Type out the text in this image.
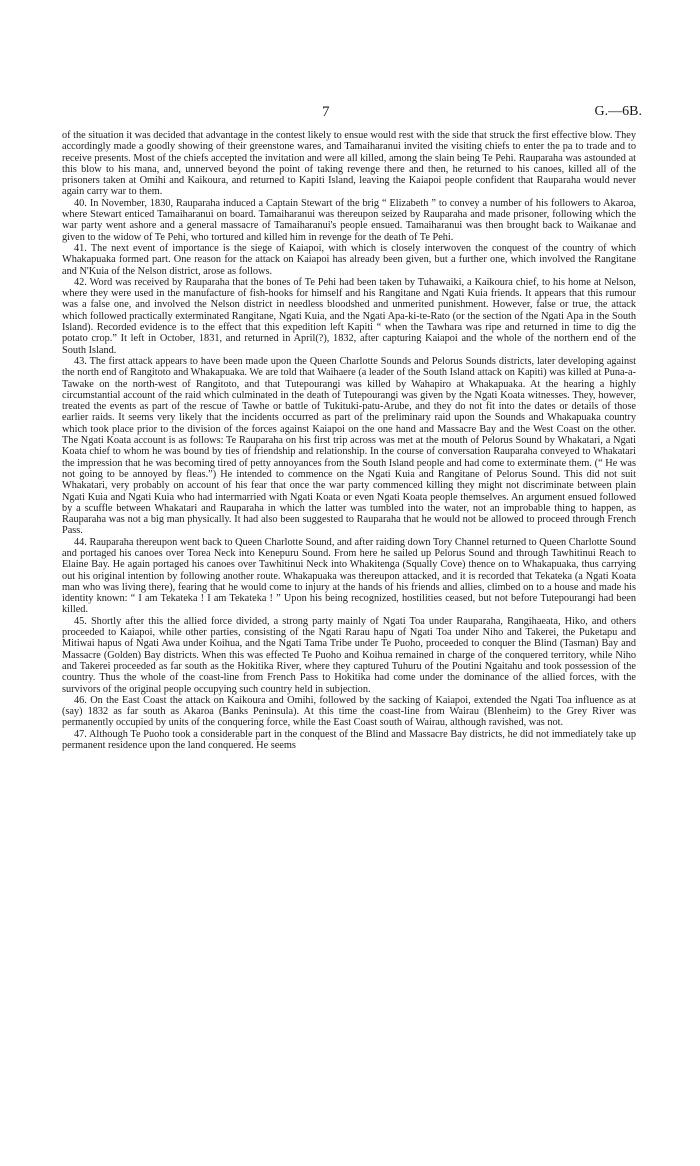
7	G.—6B.

of the situation it was decided that advantage in the contest likely to ensue would rest with the side that struck the first effective blow. They accordingly made a goodly showing of their greenstone wares, and Tamaiharanui invited the visiting chiefs to enter the pa to trade and to receive presents. Most of the chiefs accepted the invitation and were all killed, among the slain being Te Pehi. Rauparaha was astounded at this blow to his mana, and, unnerved beyond the point of taking revenge there and then, he returned to his canoes, killed all of the prisoners taken at Omihi and Kaikoura, and returned to Kapiti Island, leaving the Kaiapoi people confident that Rauparaha would never again carry war to them.

40. In November, 1830, Rauparaha induced a Captain Stewart of the brig “ Elizabeth ” to convey a number of his followers to Akaroa, where Stewart enticed Tamaiharanui on board. Tamaiharanui was thereupon seized by Rauparaha and made prisoner, following which the war party went ashore and a general massacre of Tamaiharanui's people ensued. Tamaiharanui was then brought back to Waikanae and given to the widow of Te Pehi, who tortured and killed him in revenge for the death of Te Pehi.

41. The next event of importance is the siege of Kaiapoi, with which is closely interwoven the conquest of the country of which Whakapuaka formed part. One reason for the attack on Kaiapoi has already been given, but a further one, which involved the Rangitane and N'Kuia of the Nelson district, arose as follows.

42. Word was received by Rauparaha that the bones of Te Pehi had been taken by Tuhawaiki, a Kaikoura chief, to his home at Nelson, where they were used in the manufacture of fish-hooks for himself and his Rangitane and Ngati Kuia friends. It appears that this rumour was a false one, and involved the Nelson district in needless bloodshed and unmerited punishment. However, false or true, the attack which followed practically exterminated Rangitane, Ngati Kuia, and the Ngati Apa-ki-te-Rato (or the section of the Ngati Apa in the South Island). Recorded evidence is to the effect that this expedition left Kapiti “ when the Tawhara was ripe and returned in time to dig the potato crop.” It left in October, 1831, and returned in April(?), 1832, after capturing Kaiapoi and the whole of the northern end of the South Island.

43. The first attack appears to have been made upon the Queen Charlotte Sounds and Pelorus Sounds districts, later developing against the north end of Rangitoto and Whakapuaka. We are told that Waihaere (a leader of the South Island attack on Kapiti) was killed at Puna-a-Tawake on the north-west of Rangitoto, and that Tutepourangi was killed by Wahapiro at Whakapuaka. At the hearing a highly circumstantial account of the raid which culminated in the death of Tutepourangi was given by the Ngati Koata witnesses. They, however, treated the events as part of the rescue of Tawhe or battle of Tukituki-patu-Arube, and they do not fit into the dates or details of those earlier raids. It seems very likely that the incidents occurred as part of the preliminary raid upon the Sounds and Whakapuaka country which took place prior to the division of the forces against Kaiapoi on the one hand and Massacre Bay and the West Coast on the other. The Ngati Koata account is as follows: Te Rauparaha on his first trip across was met at the mouth of Pelorus Sound by Whakatari, a Ngati Koata chief to whom he was bound by ties of friendship and relationship. In the course of conversation Rauparaha conveyed to Whakatari the impression that he was becoming tired of petty annoyances from the South Island people and had come to exterminate them. (“ He was not going to be annoyed by fleas.”) He intended to commence on the Ngati Kuia and Rangitane of Pelorus Sound. This did not suit Whakatari, very probably on account of his fear that once the war party commenced killing they might not discriminate between plain Ngati Kuia and Ngati Kuia who had intermarried with Ngati Koata or even Ngati Koata people themselves. An argument ensued followed by a scuffle between Whakatari and Rauparaha in which the latter was tumbled into the water, not an improbable thing to happen, as Rauparaha was not a big man physically. It had also been suggested to Rauparaha that he would not be allowed to proceed through French Pass.

44. Rauparaha thereupon went back to Queen Charlotte Sound, and after raiding down Tory Channel returned to Queen Charlotte Sound and portaged his canoes over Torea Neck into Kenepuru Sound. From here he sailed up Pelorus Sound and through Tawhitinui Reach to Elaine Bay. He again portaged his canoes over Tawhitinui Neck into Whakitenga (Squally Cove) thence on to Whakapuaka, thus carrying out his original intention by following another route. Whakapuaka was thereupon attacked, and it is recorded that Tekateka (a Ngati Koata man who was living there), fearing that he would come to injury at the hands of his friends and allies, climbed on to a house and made his identity known: “ I am Tekateka ! I am Tekateka ! ” Upon his being recognized, hostilities ceased, but not before Tutepourangi had been killed.

45. Shortly after this the allied force divided, a strong party mainly of Ngati Toa under Rauparaha, Rangihaeata, Hiko, and others proceeded to Kaiapoi, while other parties, consisting of the Ngati Rarau hapu of Ngati Toa under Niho and Takerei, the Puketapu and Mitiwai hapus of Ngati Awa under Koihua, and the Ngati Tama Tribe under Te Puoho, proceeded to conquer the Blind (Tasman) Bay and Massacre (Golden) Bay districts. When this was effected Te Puoho and Koihua remained in charge of the conquered territory, while Niho and Takerei proceeded as far south as the Hokitika River, where they captured Tuhuru of the Poutini Ngaitahu and took possession of the country. Thus the whole of the coast-line from French Pass to Hokitika had come under the dominance of the allied forces, with the survivors of the original people occupying such country held in subjection.

46. On the East Coast the attack on Kaikoura and Omihi, followed by the sacking of Kaiapoi, extended the Ngati Toa influence as at (say) 1832 as far south as Akaroa (Banks Peninsula). At this time the coast-line from Wairau (Blenheim) to the Grey River was permanently occupied by units of the conquering force, while the East Coast south of Wairau, although ravished, was not.

47. Although Te Puoho took a considerable part in the conquest of the Blind and Massacre Bay districts, he did not immediately take up permanent residence upon the land conquered. He seems
